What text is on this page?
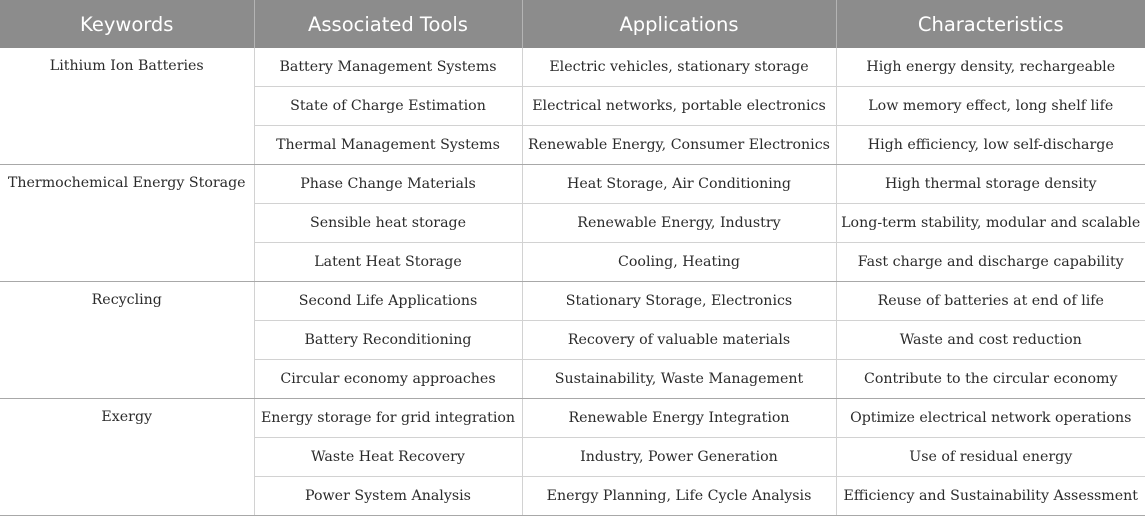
Keywords	Associated Tools	Applications	Characteristics
Lithium Ion Batteries	Battery Management Systems	Electric vehicles, stationary storage	High energy density, rechargeable
	State of Charge Estimation	Electrical networks, portable electronics	Low memory effect, long shelf life
	Thermal Management Systems	Renewable Energy, Consumer Electronics	High efficiency, low self-discharge
Thermochemical Energy Storage	Phase Change Materials	Heat Storage, Air Conditioning	High thermal storage density
	Sensible heat storage	Renewable Energy, Industry	Long-term stability, modular and scalable
	Latent Heat Storage	Cooling, Heating	Fast charge and discharge capability
Recycling	Second Life Applications	Stationary Storage, Electronics	Reuse of batteries at end of life
	Battery Reconditioning	Recovery of valuable materials	Waste and cost reduction
	Circular economy approaches	Sustainability, Waste Management	Contribute to the circular economy
Exergy	Energy storage for grid integration	Renewable Energy Integration	Optimize electrical network operations
	Waste Heat Recovery	Industry, Power Generation	Use of residual energy
	Power System Analysis	Energy Planning, Life Cycle Analysis	Efficiency and Sustainability Assessment
